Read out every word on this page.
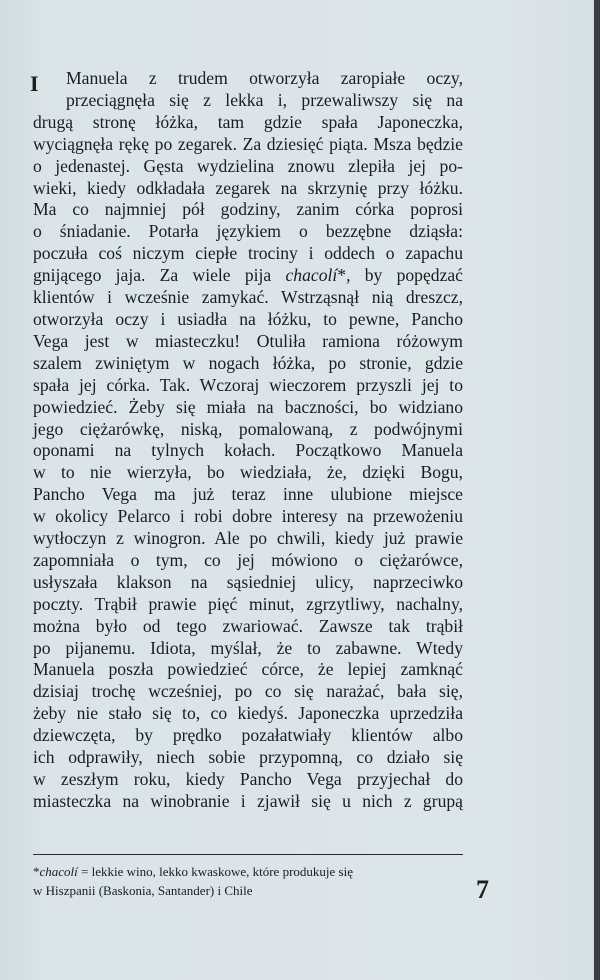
I	Manuela z trudem otworzyła zaropiałe oczy,
przeciągnęła się z lekka i, przewaliwszy się na
drugą stronę łóżka, tam gdzie spała Japoneczka,
wyciągnęła rękę po zegarek. Za dziesięć piąta. Msza będzie
o jedenastej. Gęsta wydzielina znowu zlepiła jej po-
wieki, kiedy odkładała zegarek na skrzynię przy łóżku.
Ma co najmniej pół godziny, zanim córka poprosi
o śniadanie. Potarła językiem o bezzębne dziąsła:
poczuła coś niczym ciepłe trociny i oddech o zapachu
gnijącego jaja. Za wiele pija chacolí*, by popędzać
klientów i wcześnie zamykać. Wstrząsnął nią dreszcz,
otworzyła oczy i usiadła na łóżku, to pewne, Pancho
Vega jest w miasteczku! Otuliła ramiona różowym
szalem zwiniętym w nogach łóżka, po stronie, gdzie
spała jej córka. Tak. Wczoraj wieczorem przyszli jej to
powiedzieć. Żeby się miała na baczności, bo widziano
jego ciężarówkę, niską, pomalowaną, z podwójnymi
oponami na tylnych kołach. Początkowo Manuela
w to nie wierzyła, bo wiedziała, że, dzięki Bogu,
Pancho Vega ma już teraz inne ulubione miejsce
w okolicy Pelarco i robi dobre interesy na przewożeniu
wytłoczyn z winogron. Ale po chwili, kiedy już prawie
zapomniała o tym, co jej mówiono o ciężarówce,
usłyszała klakson na sąsiedniej ulicy, naprzeciwko
poczty. Trąbił prawie pięć minut, zgrzytliwy, nachalny,
można było od tego zwariować. Zawsze tak trąbił
po pijanemu. Idiota, myślał, że to zabawne. Wtedy
Manuela poszła powiedzieć córce, że lepiej zamknąć
dzisiaj trochę wcześniej, po co się narażać, bała się,
żeby nie stało się to, co kiedyś. Japoneczka uprzedziła
dziewczęta, by prędko pozałatwiały klientów albo
ich odprawiły, niech sobie przypomną, co działo się
w zeszłym roku, kiedy Pancho Vega przyjechał do
miasteczka na winobranie i zjawił się u nich z grupą
*chacolí = lekkie wino, lekko kwaskowe, które produkuje się
w Hiszpanii (Baskonia, Santander) i Chile	7
